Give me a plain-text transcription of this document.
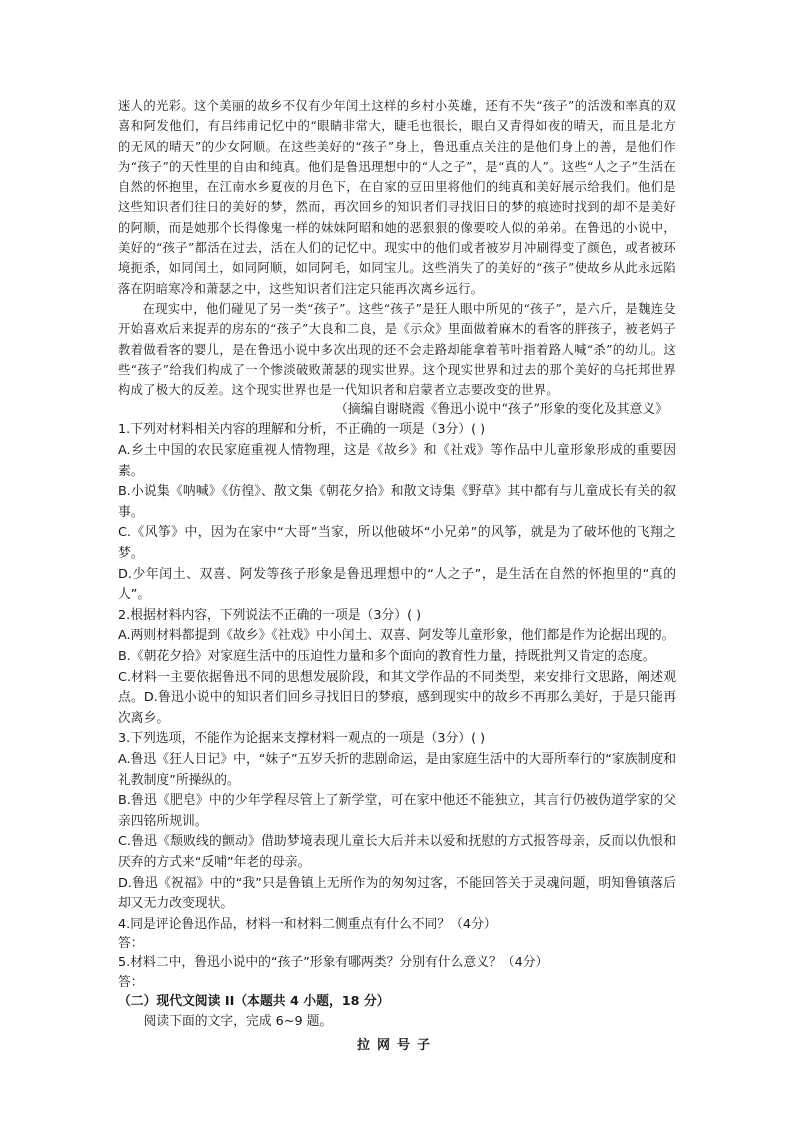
迷人的光彩。这个美丽的故乡不仅有少年闰土这样的乡村小英雄，还有不失“孩子”的活泼和率真的双喜和阿发他们，有吕纬甫记忆中的“眼睛非常大，睫毛也很长，眼白又青得如夜的晴天，而且是北方的无风的晴天”的少女阿顺。在这些美好的“孩子”身上，鲁迅重点关注的是他们身上的善，是他们作为“孩子”的天性里的自由和纯真。他们是鲁迅理想中的“人之子”，是“真的人”。这些“人之子”生活在自然的怀抱里，在江南水乡夏夜的月色下，在自家的豆田里将他们的纯真和美好展示给我们。他们是这些知识者们往日的美好的梦，然而，再次回乡的知识者们寻找旧日的梦的痕迹时找到的却不是美好的阿顺，而是她那个长得像鬼一样的妹妹阿昭和她的恶狠狠的像要咬人似的弟弟。在鲁迅的小说中，美好的“孩子”都活在过去，活在人们的记忆中。现实中的他们或者被岁月冲刷得变了颜色，或者被环境扼杀，如同闰土，如同阿顺，如同阿毛，如同宝儿。这些消失了的美好的“孩子”使故乡从此永远陷落在阴暗寒冷和萧瑟之中，这些知识者们注定只能再次离乡远行。

在现实中，他们碰见了另一类“孩子”。这些“孩子”是狂人眼中所见的“孩子”，是六斤，是魏连殳开始喜欢后来捉弄的房东的“孩子”大良和二良，是《示众》里面做着麻木的看客的胖孩子，被老妈子教着做看客的婴儿，是在鲁迅小说中多次出现的还不会走路却能拿着苇叶指着路人喊“杀”的幼儿。这些“孩子”给我们构成了一个惨淡破败萧瑟的现实世界。这个现实世界和过去的那个美好的乌托邦世界构成了极大的反差。这个现实世界也是一代知识者和启蒙者立志要改变的世界。

（摘编自谢晓霞《鲁迅小说中“孩子”形象的变化及其意义》

1.下列对材料相关内容的理解和分析，不正确的一项是（3分）( )

A.乡土中国的农民家庭重视人情物理，这是《故乡》和《社戏》等作品中儿童形象形成的重要因素。

B.小说集《呐喊》《仿徨》、散文集《朝花夕拾》和散文诗集《野草》其中都有与儿童成长有关的叙事。

C.《风筝》中，因为在家中“大哥”当家，所以他破坏“小兄弟”的风筝，就是为了破坏他的飞翔之梦。

D.少年闰土、双喜、阿发等孩子形象是鲁迅理想中的“人之子”，是生活在自然的怀抱里的“真的人”。

2.根据材料内容，下列说法不正确的一项是（3分）( )

A.两则材料都提到《故乡》《社戏》中小闰土、双喜、阿发等儿童形象，他们都是作为论据出现的。

B.《朝花夕拾》对家庭生活中的压迫性力量和多个面向的教育性力量，持既批判又肯定的态度。

C.材料一主要依据鲁迅不同的思想发展阶段，和其文学作品的不同类型，来安排行文思路，阐述观点。D.鲁迅小说中的知识者们回乡寻找旧日的梦痕，感到现实中的故乡不再那么美好，于是只能再次离乡。

3.下列选项，不能作为论据来支撑材料一观点的一项是（3分）( )

A.鲁迅《狂人日记》中，“妹子”五岁夭折的悲剧命运，是由家庭生活中的大哥所奉行的“家族制度和礼教制度”所操纵的。

B.鲁迅《肥皂》中的少年学程尽管上了新学堂，可在家中他还不能独立，其言行仍被伪道学家的父亲四铭所规训。

C.鲁迅《颓败线的颤动》借助梦境表现儿童长大后并未以爱和抚慰的方式报答母亲，反而以仇恨和厌弃的方式来“反哺”年老的母亲。

D.鲁迅《祝福》中的“我”只是鲁镇上无所作为的匆匆过客，不能回答关于灵魂问题，明知鲁镇落后却又无力改变现状。

4.同是评论鲁迅作品，材料一和材料二侧重点有什么不同？（4分）

答：

5.材料二中，鲁迅小说中的“孩子”形象有哪两类？分别有什么意义？（4分）

答：

（二）现代文阅读 II（本题共 4 小题，18 分）

阅读下面的文字，完成 6~9 题。

拉网号子
